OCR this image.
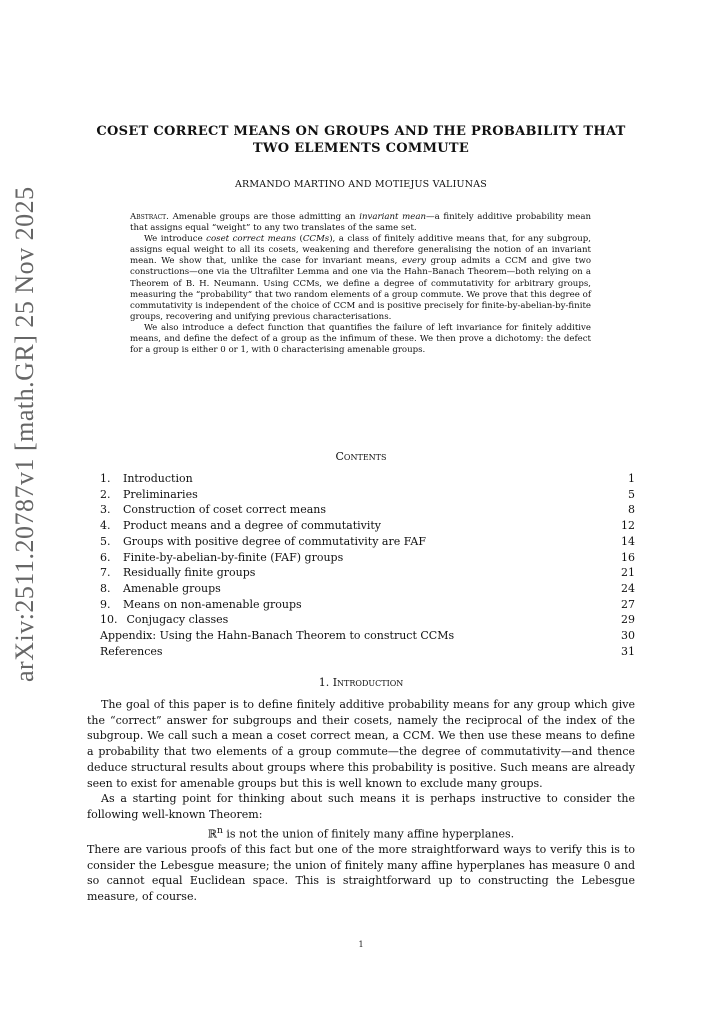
arXiv:2511.20787v1 [math.GR] 25 Nov 2025
COSET CORRECT MEANS ON GROUPS AND THE PROBABILITY THAT TWO ELEMENTS COMMUTE
ARMANDO MARTINO AND MOTIEJUS VALIUNAS

Abstract. Amenable groups are those admitting an invariant mean—a finitely additive probability mean that assigns equal “weight” to any two translates of the same set.

We introduce coset correct means (CCMs), a class of finitely additive means that, for any subgroup, assigns equal weight to all its cosets, weakening and therefore generalising the notion of an invariant mean. We show that, unlike the case for invariant means, every group admits a CCM and give two constructions—one via the Ultrafilter Lemma and one via the Hahn–Banach Theorem—both relying on a Theorem of B. H. Neumann. Using CCMs, we define a degree of commutativity for arbitrary groups, measuring the “probability” that two random elements of a group commute. We prove that this degree of commutativity is independent of the choice of CCM and is positive precisely for finite-by-abelian-by-finite groups, recovering and unifying previous characterisations.

We also introduce a defect function that quantifies the failure of left invariance for finitely additive means, and define the defect of a group as the infimum of these. We then prove a dichotomy: the defect for a group is either 0 or 1, with 0 characterising amenable groups.

Contents
1. Introduction	1
2. Preliminaries	5
3. Construction of coset correct means	8
4. Product means and a degree of commutativity	12
5. Groups with positive degree of commutativity are FAF	14
6. Finite-by-abelian-by-finite (FAF) groups	16
7. Residually finite groups	21
8. Amenable groups	24
9. Means on non-amenable groups	27
10. Conjugacy classes	29
Appendix: Using the Hahn-Banach Theorem to construct CCMs	30
References	31
1. Introduction

The goal of this paper is to define finitely additive probability means for any group which give the “correct” answer for subgroups and their cosets, namely the reciprocal of the index of the subgroup. We call such a mean a coset correct mean, a CCM. We then use these means to define a probability that two elements of a group commute—the degree of commutativity—and thence deduce structural results about groups where this probability is positive. Such means are already seen to exist for amenable groups but this is well known to exclude many groups.

As a starting point for thinking about such means it is perhaps instructive to consider the following well-known Theorem:

ℝ$^n$ is not the union of finitely many affine hyperplanes.

There are various proofs of this fact but one of the more straightforward ways to verify this is to consider the Lebesgue measure; the union of finitely many affine hyperplanes has measure 0 and so cannot equal Euclidean space. This is straightforward up to constructing the Lebesgue measure, of course.

1
